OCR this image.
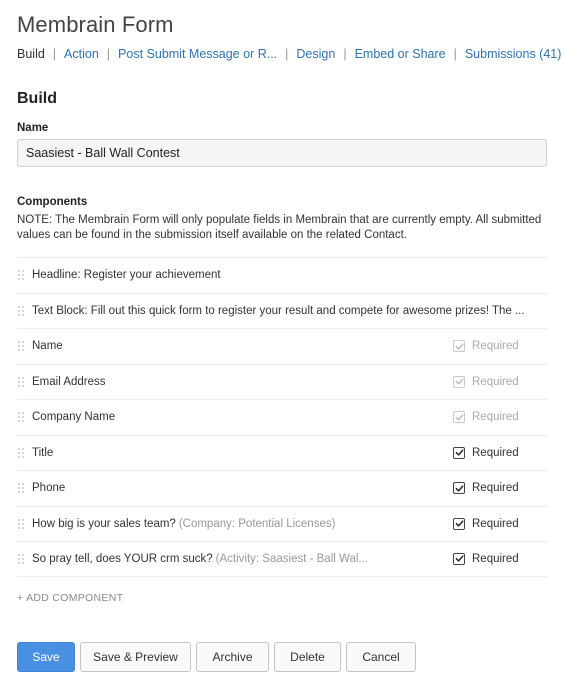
Membrain Form
Build | Action | Post Submit Message or R... | Design | Embed or Share | Submissions (41)
Build
Name
Saasiest - Ball Wall Contest
Components

NOTE: The Membrain Form will only populate fields in Membrain that are currently empty. All submitted values can be found in the submission itself available on the related Contact.

Headline: Register your achievement
Text Block: Fill out this quick form to register your result and compete for awesome prizes! The ...
Name	Required
Email Address	Required
Company Name	Required
Title	Required
Phone	Required
How big is your sales team? (Company: Potential Licenses)	Required
So pray tell, does YOUR crm suck? (Activity: Saasiest - Ball Wal...	Required
+ ADD COMPONENT
Save	Save & Preview	Archive	Delete	Cancel
